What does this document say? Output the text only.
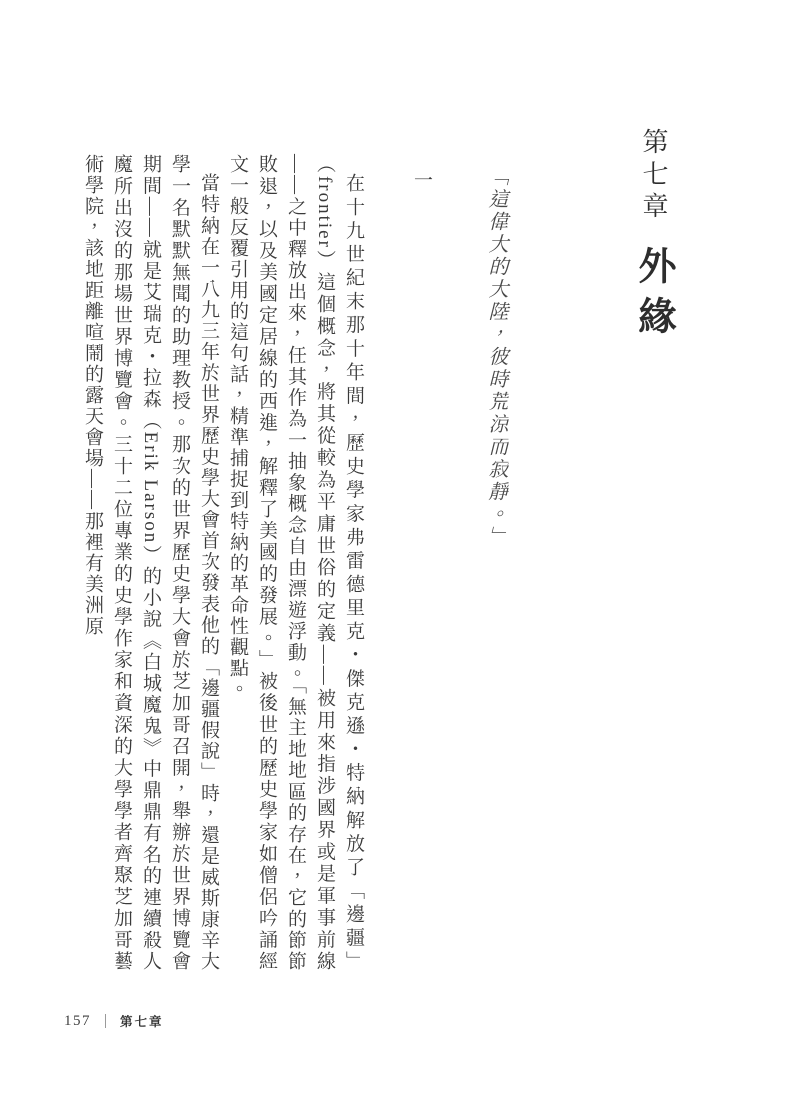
第七章外緣
「這偉大的大陸，彼時荒涼而寂靜。」
一

在十九世紀末那十年間，歷史學家弗雷德里克・傑克遜・特納解放了「邊疆」（frontier）這個概念，將其從較為平庸世俗的定義——被用來指涉國界或是軍事前線——之中釋放出來，任其作為一抽象概念自由漂遊浮動。「無主地地區的存在，它的節節敗退，以及美國定居線的西進，解釋了美國的發展。」被後世的歷史學家如僧侶吟誦經文一般反覆引用的這句話，精準捕捉到特納的革命性觀點。

當特納在一八九三年於世界歷史學大會首次發表他的「邊疆假說」時，還是威斯康辛大學一名默默無聞的助理教授。那次的世界歷史學大會於芝加哥召開，舉辦於世界博覽會期間——就是艾瑞克・拉森（Erik Larson）的小說《白城魔鬼》中鼎鼎有名的連續殺人魔所出沒的那場世界博覽會。三十二位專業的史學作家和資深的大學學者齊聚芝加哥藝術學院，該地距離喧鬧的露天會場——那裡有美洲原

157 第七章
